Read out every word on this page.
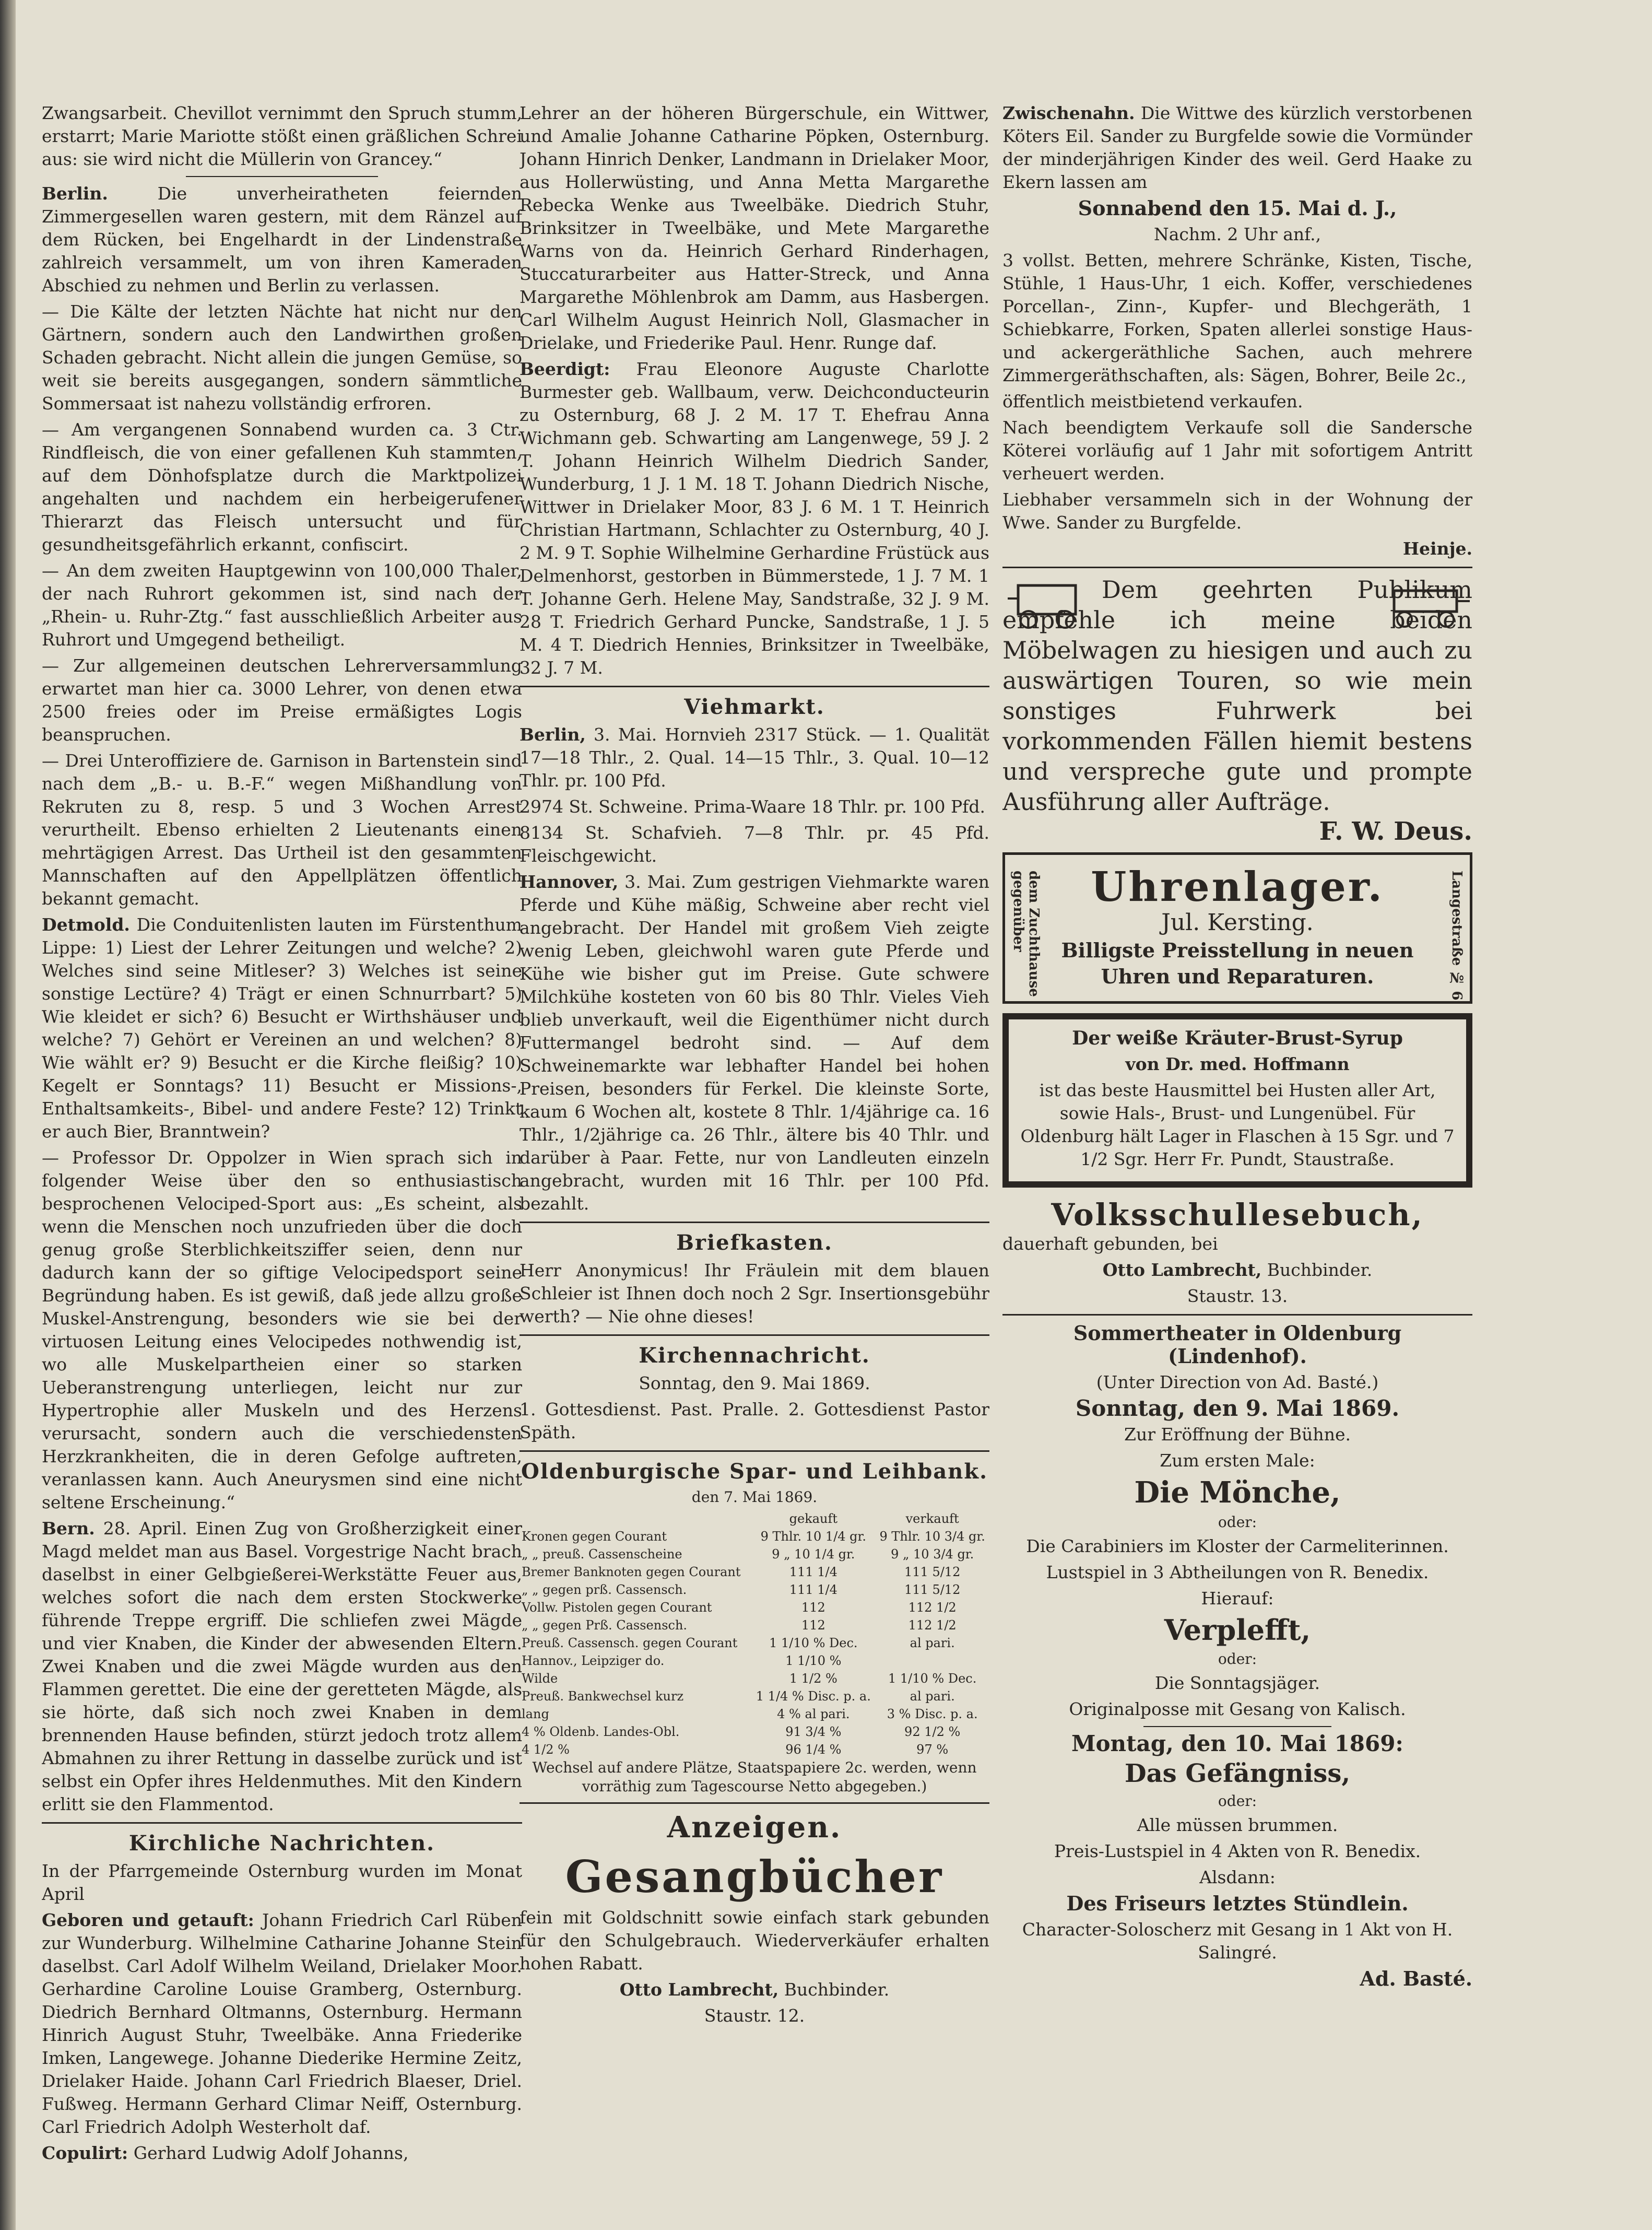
Zwangsarbeit. Chevillot vernimmt den Spruch stumm, erstarrt; Marie Mariotte stößt einen gräßlichen Schrei aus: sie wird nicht die Müllerin von Grancey.“

Berlin.	Die unverheiratheten feiernden Zimmergesellen waren gestern, mit dem Ränzel auf dem Rücken, bei Engelhardt in der Lindenstraße zahlreich versammelt, um von ihren Kameraden Abschied zu nehmen und Berlin zu verlassen.

— Die Kälte der letzten Nächte hat nicht nur den Gärtnern, sondern auch den Landwirthen großen Schaden gebracht. Nicht allein die jungen Gemüse, so weit sie bereits ausgegangen, sondern sämmtliche Sommersaat ist nahezu vollständig erfroren.

— Am vergangenen Sonnabend wurden ca. 3 Ctr. Rindfleisch, die von einer gefallenen Kuh stammten, auf dem Dönhofsplatze durch die Marktpolizei angehalten und nachdem ein herbeigerufener Thierarzt das Fleisch untersucht und für gesundheitsgefährlich erkannt, confiscirt.

— An dem zweiten Hauptgewinn von 100,000 Thaler, der nach Ruhrort gekommen ist, sind nach der „Rhein- u. Ruhr-Ztg.“ fast ausschließlich Arbeiter aus Ruhrort und Umgegend betheiligt.

— Zur allgemeinen deutschen Lehrerversammlung erwartet man hier ca. 3000 Lehrer, von denen etwa 2500 freies oder im Preise ermäßigtes Logis beanspruchen.

— Drei Unteroffiziere de. Garnison in Bartenstein sind nach dem „B.- u. B.-F.“ wegen Mißhandlung von Rekruten zu 8, resp. 5 und 3 Wochen Arrest verurtheilt. Ebenso erhielten 2 Lieutenants einen mehrtägigen Arrest. Das Urtheil ist den gesammten Mannschaften auf den Appellplätzen öffentlich bekannt gemacht.

Detmold. Die Conduitenlisten lauten im Fürstenthum Lippe: 1) Liest der Lehrer Zeitungen und welche? 2) Welches sind seine Mitleser? 3) Welches ist seine sonstige Lectüre? 4) Trägt er einen Schnurrbart? 5) Wie kleidet er sich? 6) Besucht er Wirthshäuser und welche? 7) Gehört er Vereinen an und welchen? 8) Wie wählt er? 9) Besucht er die Kirche fleißig? 10) Kegelt er Sonntags? 11) Besucht er Missions-, Enthaltsamkeits-, Bibel- und andere Feste? 12) Trinkt er auch Bier, Branntwein?

— Professor Dr. Oppolzer in Wien sprach sich in folgender Weise über den so enthusiastisch besprochenen Velociped-Sport aus: „Es scheint, als wenn die Menschen noch unzufrieden über die doch genug große Sterblichkeitsziffer seien, denn nur dadurch kann der so giftige Velocipedsport seine Begründung haben. Es ist gewiß, daß jede allzu große Muskel-Anstrengung, besonders wie sie bei der virtuosen Leitung eines Velocipedes nothwendig ist, wo alle Muskelpartheien einer so starken Ueberanstrengung unterliegen, leicht nur zur Hypertrophie aller Muskeln und des Herzens verursacht, sondern auch die verschiedensten Herzkrankheiten, die in deren Gefolge auftreten, veranlassen kann. Auch Aneurysmen sind eine nicht seltene Erscheinung.“

Bern. 28. April. Einen Zug von Großherzigkeit einer Magd meldet man aus Basel. Vorgestrige Nacht brach daselbst in einer Gelbgießerei-Werkstätte Feuer aus, welches sofort die nach dem ersten Stockwerke führende Treppe ergriff. Die schliefen zwei Mägde und vier Knaben, die Kinder der abwesenden Eltern. Zwei Knaben und die zwei Mägde wurden aus den Flammen gerettet. Die eine der geretteten Mägde, als sie hörte, daß sich noch zwei Knaben in dem brennenden Hause befinden, stürzt jedoch trotz allem Abmahnen zu ihrer Rettung in dasselbe zurück und ist selbst ein Opfer ihres Heldenmuthes. Mit den Kindern erlitt sie den Flammentod.

Kirchliche Nachrichten.

In der Pfarrgemeinde Osternburg wurden im Monat April

Geboren und getauft: Johann Friedrich Carl Rüben zur Wunderburg. Wilhelmine Catharine Johanne Stein daselbst. Carl Adolf Wilhelm Weiland, Drielaker Moor. Gerhardine Caroline Louise Gramberg, Osternburg. Diedrich Bernhard Oltmanns, Osternburg. Hermann Hinrich August Stuhr, Tweelbäke. Anna Friederike Imken, Langewege. Johanne Diederike Hermine Zeitz, Drielaker Haide. Johann Carl Friedrich Blaeser, Driel. Fußweg. Hermann Gerhard Climar Neiff, Osternburg. Carl Friedrich Adolph Westerholt daf.

Copulirt: Gerhard Ludwig Adolf Johanns,

Lehrer an der höheren Bürgerschule, ein Wittwer, und Amalie Johanne Catharine Pöpken, Osternburg. Johann Hinrich Denker, Landmann in Drielaker Moor, aus Hollerwüsting, und Anna Metta Margarethe Rebecka Wenke aus Tweelbäke. Diedrich Stuhr, Brinksitzer in Tweelbäke, und Mete Margarethe Warns von da. Heinrich Gerhard Rinderhagen, Stuccaturarbeiter aus Hatter-Streck, und Anna Margarethe Möhlenbrok am Damm, aus Hasbergen. Carl Wilhelm August Heinrich Noll, Glasmacher in Drielake, und Friederike Paul. Henr. Runge daf.

Beerdigt: Frau Eleonore Auguste Charlotte Burmester geb. Wallbaum, verw. Deichconducteurin zu Osternburg, 68 J. 2 M. 17 T. Ehefrau Anna Wichmann geb. Schwarting am Langenwege, 59 J. 2 T. Johann Heinrich Wilhelm Diedrich Sander, Wunderburg, 1 J. 1 M. 18 T. Johann Diedrich Nische, Wittwer in Drielaker Moor, 83 J. 6 M. 1 T. Heinrich Christian Hartmann, Schlachter zu Osternburg, 40 J. 2 M. 9 T. Sophie Wilhelmine Gerhardine Früstück aus Delmenhorst, gestorben in Bümmerstede, 1 J. 7 M. 1 T. Johanne Gerh. Helene May, Sandstraße, 32 J. 9 M. 28 T. Friedrich Gerhard Puncke, Sandstraße, 1 J. 5 M. 4 T. Diedrich Hennies, Brinksitzer in Tweelbäke, 32 J. 7 M.

Viehmarkt.

Berlin, 3. Mai. Hornvieh 2317 Stück. — 1. Qualität 17—18 Thlr., 2. Qual. 14—15 Thlr., 3. Qual. 10—12 Thlr. pr. 100 Pfd.

2974 St. Schweine. Prima-Waare 18 Thlr. pr. 100 Pfd.

8134 St. Schafvieh. 7—8 Thlr. pr. 45 Pfd. Fleischgewicht.

Hannover, 3. Mai. Zum gestrigen Viehmarkte waren Pferde und Kühe mäßig, Schweine aber recht viel angebracht. Der Handel mit großem Vieh zeigte wenig Leben, gleichwohl waren gute Pferde und Kühe wie bisher gut im Preise. Gute schwere Milchkühe kosteten von 60 bis 80 Thlr. Vieles Vieh blieb unverkauft, weil die Eigenthümer nicht durch Futtermangel bedroht sind. — Auf dem Schweinemarkte war lebhafter Handel bei hohen Preisen, besonders für Ferkel. Die kleinste Sorte, kaum 6 Wochen alt, kostete 8 Thlr. 1/4jährige ca. 16 Thlr., 1/2jährige ca. 26 Thlr., ältere bis 40 Thlr. und darüber à Paar. Fette, nur von Landleuten einzeln angebracht, wurden mit 16 Thlr. per 100 Pfd. bezahlt.

Briefkasten.

Herr Anonymicus! Ihr Fräulein mit dem blauen Schleier ist Ihnen doch noch 2 Sgr. Insertionsgebühr werth? — Nie ohne dieses!

Kirchennachricht.

Sonntag, den 9. Mai 1869.

1. Gottesdienst. Past. Pralle. 2. Gottesdienst Pastor Späth.

Oldenburgische Spar- und Leihbank.

den 7. Mai 1869.

	gekauft	verkauft
Kronen gegen Courant	9 Thlr. 10 1/4 gr.	9 Thlr. 10 3/4 gr.
„ „ preuß. Cassenscheine	9 „ 10 1/4 gr.	9 „ 10 3/4 gr.
Bremer Banknoten gegen Courant	111 1/4	111 5/12
„ „ gegen prß. Cassensch.	111 1/4	111 5/12
Vollw. Pistolen gegen Courant	112	112 1/2
„ „ gegen Prß. Cassensch.	112	112 1/2
Preuß. Cassensch. gegen Courant	1 1/10 % Dec.	al pari.
Hannov., Leipziger do.	1 1/10 %	
Wilde	1 1/2 %	1 1/10 % Dec.
Preuß. Bankwechsel kurz	1 1/4 % Disc. p. a.	al pari.
lang	4 % al pari.	3 % Disc. p. a.
4 % Oldenb. Landes-Obl.	91 3/4 %	92 1/2 %
4 1/2 %	96 1/4 %	97 %

Wechsel auf andere Plätze, Staatspapiere 2c. werden, wenn vorräthig zum Tagescourse Netto abgegeben.)

Anzeigen.
Gesangbücher

fein mit Goldschnitt sowie einfach stark gebunden für den Schulgebrauch. Wiederverkäufer erhalten hohen Rabatt.

Otto Lambrecht, Buchbinder.

Staustr. 12.

Zwischenahn. Die Wittwe des kürzlich verstorbenen Köters Eil. Sander zu Burgfelde sowie die Vormünder der minderjährigen Kinder des weil. Gerd Haake zu Ekern lassen am

Sonnabend den 15. Mai d. J.,

Nachm. 2 Uhr anf.,

3 vollst. Betten, mehrere Schränke, Kisten, Tische, Stühle, 1 Haus-Uhr, 1 eich. Koffer, verschiedenes Porcellan-, Zinn-, Kupfer- und Blechgeräth, 1 Schiebkarre, Forken, Spaten allerlei sonstige Haus- und ackergeräthliche Sachen, auch mehrere Zimmergeräthschaften, als: Sägen, Bohrer, Beile 2c.,

öffentlich meistbietend verkaufen.

Nach beendigtem Verkaufe soll die Sandersche Köterei vorläufig auf 1 Jahr mit sofortigem Antritt verheuert werden.

Liebhaber versammeln sich in der Wohnung der Wwe. Sander zu Burgfelde.

Heinje.

Dem geehrten Publikum empfehle ich meine beiden Möbelwagen zu hiesigen und auch zu auswärtigen Touren, so wie mein sonstiges Fuhrwerk bei vorkommenden Fällen hiemit bestens und verspreche gute und prompte Ausführung aller Aufträge.

F. W. Deus.

dem Zuchthause gegenüber	Langestraße № 6
Uhrenlager.

Jul. Kersting.

Billigste Preisstellung in neuen Uhren und Reparaturen.

Der weiße Kräuter-Brust-Syrup

von Dr. med. Hoffmann

ist das beste Hausmittel bei Husten aller Art, sowie Hals-, Brust- und Lungenübel. Für Oldenburg hält Lager in Flaschen à 15 Sgr. und 7 1/2 Sgr. Herr Fr. Pundt, Staustraße.

Volksschullesebuch,

dauerhaft gebunden, bei

Otto Lambrecht, Buchbinder.

Staustr. 13.

Sommertheater in Oldenburg (Lindenhof).

(Unter Direction von Ad. Basté.)

Sonntag, den 9. Mai 1869.

Zur Eröffnung der Bühne.

Zum ersten Male:

Die Mönche,

oder:

Die Carabiniers im Kloster der Carmeliterinnen.

Lustspiel in 3 Abtheilungen von R. Benedix.

Hierauf:

Verplefft,

oder:

Die Sonntagsjäger.

Originalposse mit Gesang von Kalisch.

Montag, den 10. Mai 1869:

Das Gefängniss,

oder:

Alle müssen brummen.

Preis-Lustspiel in 4 Akten von R. Benedix.

Alsdann:

Des Friseurs letztes Stündlein.

Character-Soloscherz mit Gesang in 1 Akt von H. Salingré.

Ad. Basté.
